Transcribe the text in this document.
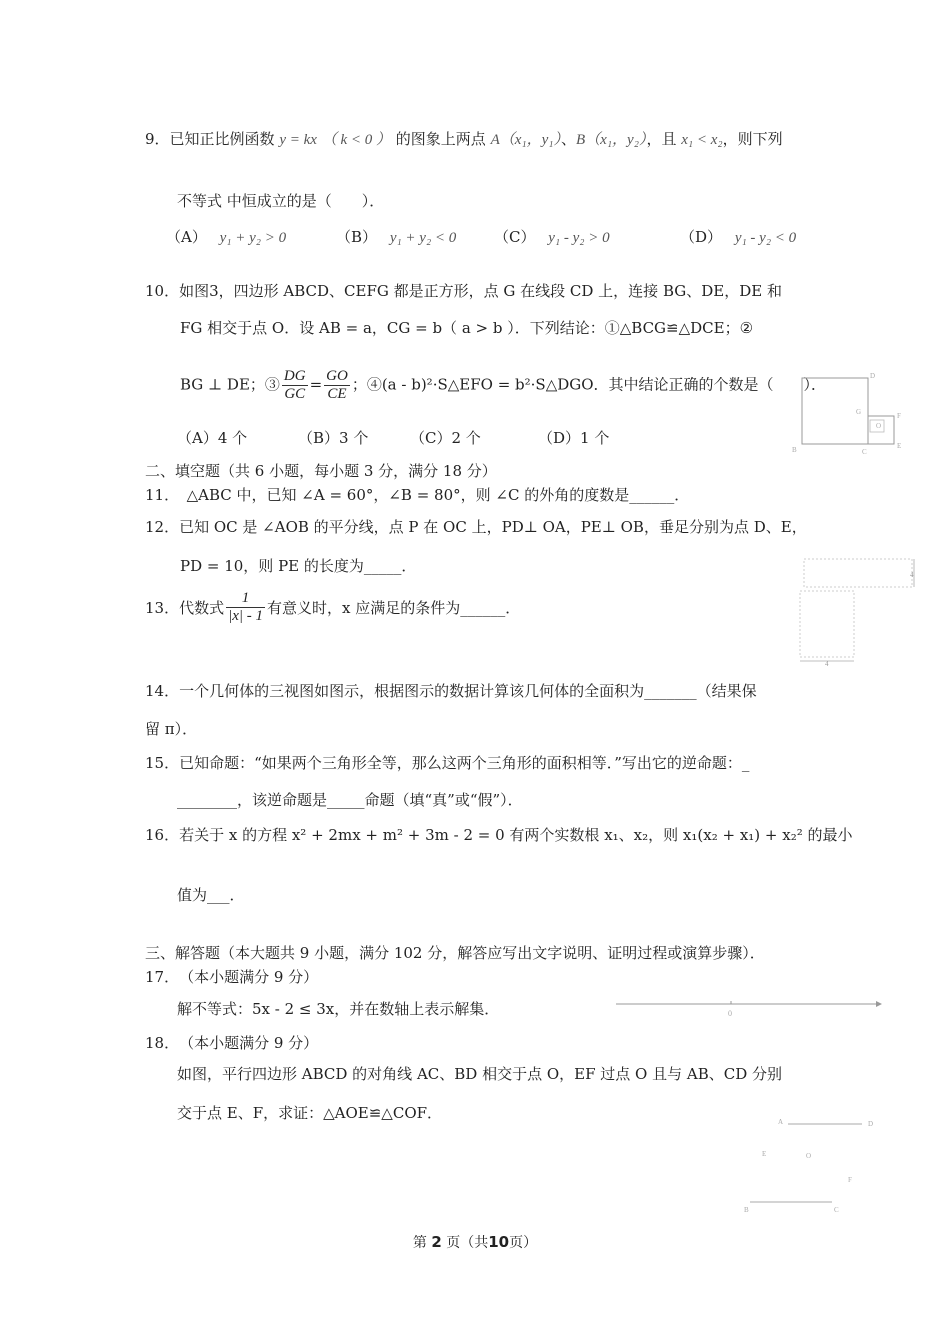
9．已知正比例函数 y = kx （ k < 0 ） 的图象上两点 A（x₁，y₁）、B（x₁，y₂），且 x₁ < x₂，则下列
不等式 中恒成立的是（　　）．
（A） y₁ + y₂ > 0	（B） y₁ + y₂ < 0	（C） y₁ - y₂ > 0	（D） y₁ - y₂ < 0
10．如图3，四边形 ABCD、CEFG 都是正方形，点 G 在线段 CD 上，连接 BG、DE，DE 和
FG 相交于点 O．设 AB = a，CG = b（ a > b ）．下列结论：①△BCG≌△DCE；②
BG ⊥ DE；③ $\frac{DG}{GC} = \frac{GO}{CE}$ ；④(a - b)²·S△EFO = b²·S△DGO．其中结论正确的个数是（　　）．
（A）4 个	（B）3 个	（C）2 个	（D）1 个
D
G	F
O
B	C
E
二、填空题（共 6 小题，每小题 3 分，满分 18 分）
11．　△ABC 中，已知 ∠A = 60°，∠B = 80°，则 ∠C 的外角的度数是______．
12．已知 OC 是 ∠AOB 的平分线，点 P 在 OC 上，PD⊥ OA，PE⊥ OB，垂足分别为点 D、E，
PD = 10，则 PE 的长度为_____．
13．代数式 $\frac{1}{|x| - 1}$ 有意义时，x 应满足的条件为______．
4
4
14．一个几何体的三视图如图示，根据图示的数据计算该几何体的全面积为_______（结果保
留 π）．
15．已知命题：“如果两个三角形全等，那么这两个三角形的面积相等．”写出它的逆命题：_
________，该逆命题是_____命题（填“真”或“假”）．
16．若关于 x 的方程 x² + 2mx + m² + 3m - 2 = 0 有两个实数根 x₁、x₂，则 x₁(x₂ + x₁) + x₂² 的最小
值为___．
三、解答题（本大题共 9 小题，满分 102 分，解答应写出文字说明、证明过程或演算步骤）．
17．　（本小题满分 9 分）
解不等式：5x - 2 ≤ 3x，并在数轴上表示解集．	0
18．　（本小题满分 9 分）
如图，平行四边形 ABCD 的对角线 AC、BD 相交于点 O，EF 过点 O 且与 AB、CD 分别
交于点 E、F，求证：△AOE≌△COF．	A	D
E	O
F
B	C
第 2 页（共10页）
